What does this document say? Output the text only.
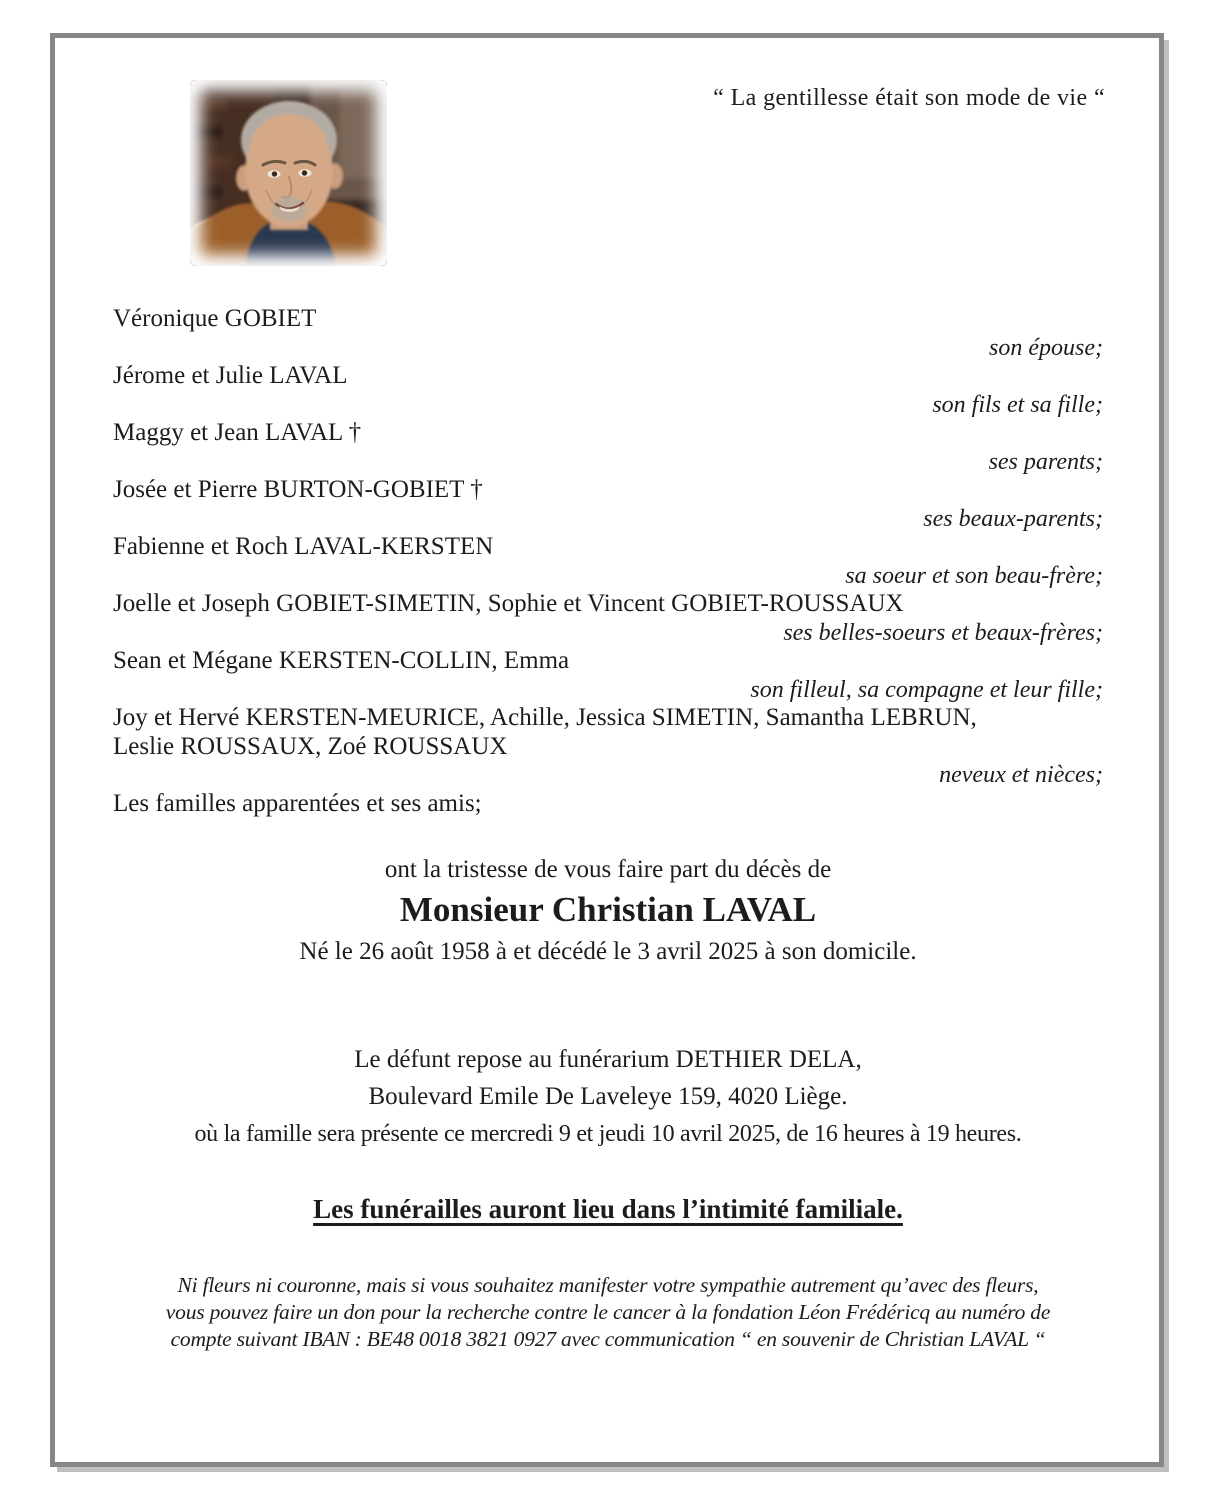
“ La gentillesse était son mode de vie “
Véronique GOBIET
son épouse;
Jérome et Julie LAVAL
son fils et sa fille;
Maggy et Jean LAVAL †
ses parents;
Josée et Pierre BURTON-GOBIET †
ses beaux-parents;
Fabienne et Roch LAVAL-KERSTEN
sa soeur et son beau-frère;
Joelle et Joseph GOBIET-SIMETIN, Sophie et Vincent GOBIET-ROUSSAUX
ses belles-soeurs et beaux-frères;
Sean et Mégane KERSTEN-COLLIN, Emma
son filleul, sa compagne et leur fille;
Joy et Hervé KERSTEN-MEURICE, Achille, Jessica SIMETIN, Samantha LEBRUN,
Leslie ROUSSAUX, Zoé ROUSSAUX
neveux et nièces;
Les familles apparentées et ses amis;
ont la tristesse de vous faire part du décès de
Monsieur Christian LAVAL
Né le 26 août 1958 à et décédé le 3 avril 2025 à son domicile.
Le défunt repose au funérarium DETHIER DELA,
Boulevard Emile De Laveleye 159, 4020 Liège.
où la famille sera présente ce mercredi 9 et jeudi 10 avril 2025, de 16 heures à 19 heures.
Les funérailles auront lieu dans l’intimité familiale.
Ni fleurs ni couronne, mais si vous souhaitez manifester votre sympathie autrement qu’avec des fleurs,
vous pouvez faire un don pour la recherche contre le cancer à la fondation Léon Frédéricq au numéro de
compte suivant IBAN : BE48 0018 3821 0927 avec communication “ en souvenir de Christian LAVAL “
